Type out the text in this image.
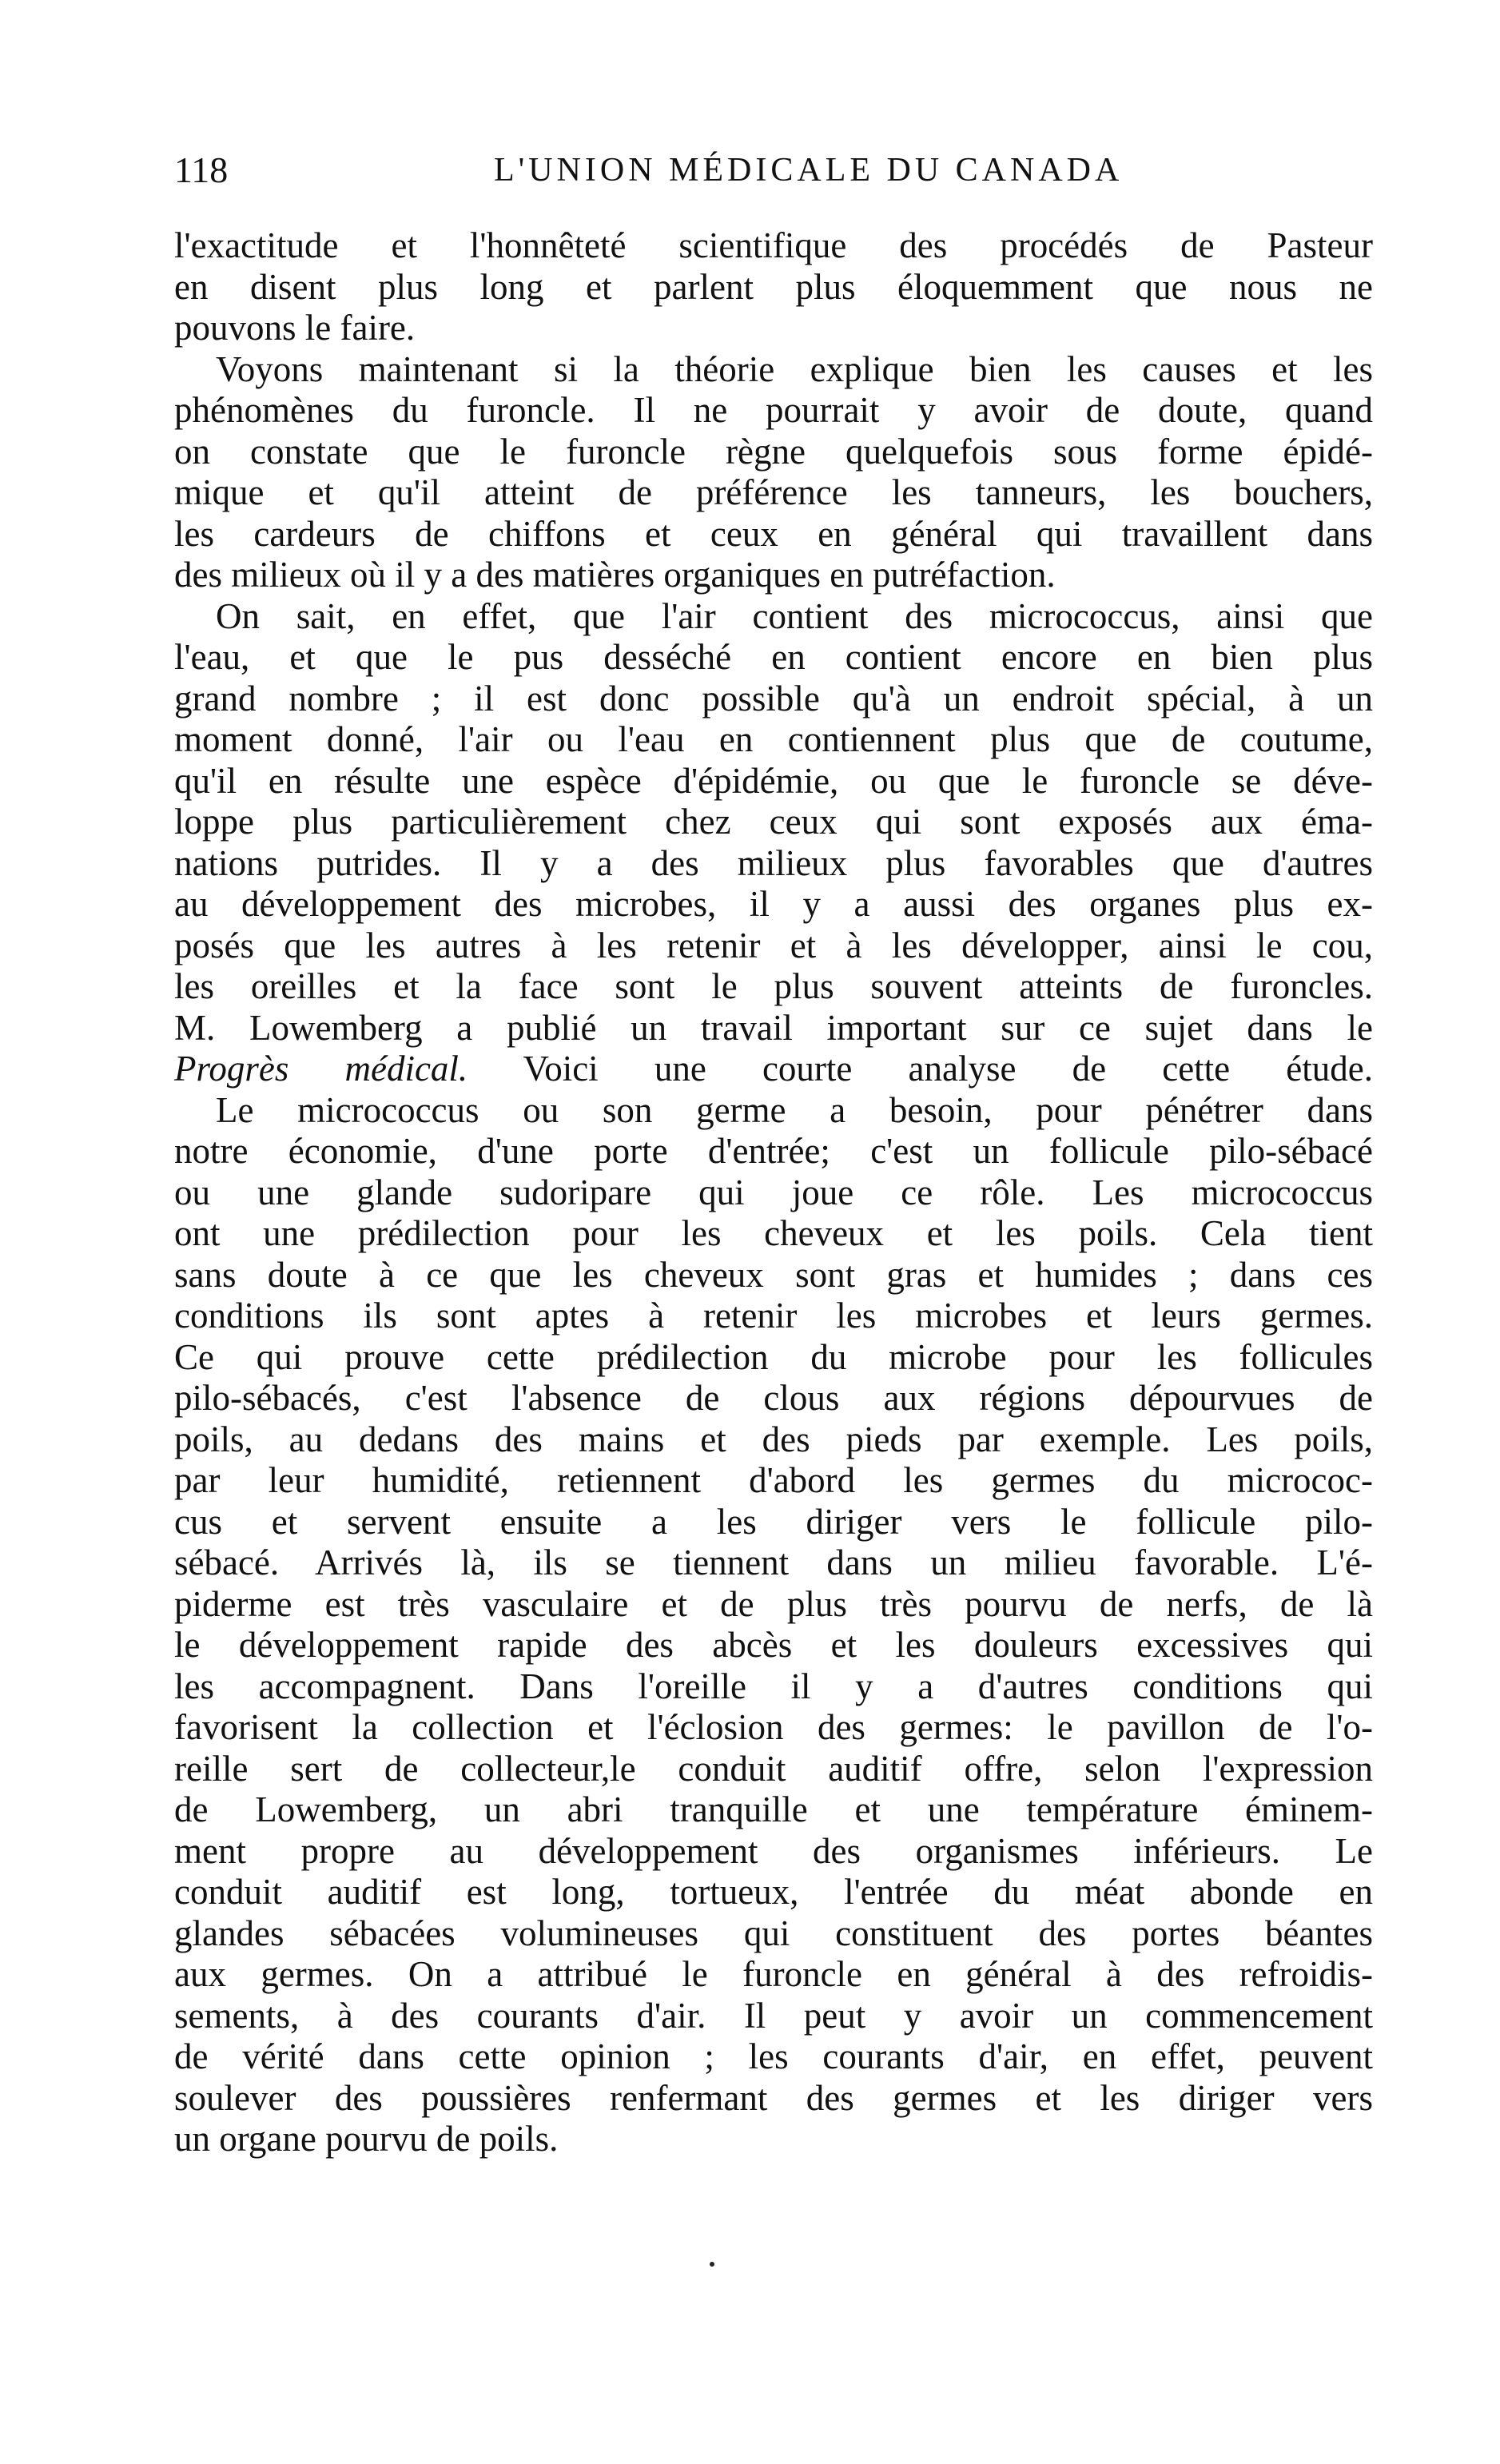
118	L'UNION MÉDICALE DU CANADA
l'exactitude et l'honnêteté scientifique des procédés de Pasteur
en disent plus long et parlent plus éloquemment que nous ne
pouvons le faire.
Voyons maintenant si la théorie explique bien les causes et les
phénomènes du furoncle. Il ne pourrait y avoir de doute, quand
on constate que le furoncle règne quelquefois sous forme épidé-
mique et qu'il atteint de préférence les tanneurs, les bouchers,
les cardeurs de chiffons et ceux en général qui travaillent dans
des milieux où il y a des matières organiques en putréfaction.
On sait, en effet, que l'air contient des micrococcus, ainsi que
l'eau, et que le pus desséché en contient encore en bien plus
grand nombre ; il est donc possible qu'à un endroit spécial, à un
moment donné, l'air ou l'eau en contiennent plus que de coutume,
qu'il en résulte une espèce d'épidémie, ou que le furoncle se déve-
loppe plus particulièrement chez ceux qui sont exposés aux éma-
nations putrides. Il y a des milieux plus favorables que d'autres
au développement des microbes, il y a aussi des organes plus ex-
posés que les autres à les retenir et à les développer, ainsi le cou,
les oreilles et la face sont le plus souvent atteints de furoncles.
M. Lowemberg a publié un travail important sur ce sujet dans le
Progrès médical. Voici une courte analyse de cette étude.
Le micrococcus ou son germe a besoin, pour pénétrer dans
notre économie, d'une porte d'entrée; c'est un follicule pilo-sébacé
ou une glande sudoripare qui joue ce rôle. Les micrococcus
ont une prédilection pour les cheveux et les poils. Cela tient
sans doute à ce que les cheveux sont gras et humides ; dans ces
conditions ils sont aptes à retenir les microbes et leurs germes.
Ce qui prouve cette prédilection du microbe pour les follicules
pilo-sébacés, c'est l'absence de clous aux régions dépourvues de
poils, au dedans des mains et des pieds par exemple. Les poils,
par leur humidité, retiennent d'abord les germes du micrococ-
cus et servent ensuite a les diriger vers le follicule pilo-
sébacé. Arrivés là, ils se tiennent dans un milieu favorable. L'é-
piderme est très vasculaire et de plus très pourvu de nerfs, de là
le développement rapide des abcès et les douleurs excessives qui
les accompagnent. Dans l'oreille il y a d'autres conditions qui
favorisent la collection et l'éclosion des germes: le pavillon de l'o-
reille sert de collecteur,le conduit auditif offre, selon l'expression
de Lowemberg, un abri tranquille et une température éminem-
ment propre au développement des organismes inférieurs. Le
conduit auditif est long, tortueux, l'entrée du méat abonde en
glandes sébacées volumineuses qui constituent des portes béantes
aux germes. On a attribué le furoncle en général à des refroidis-
sements, à des courants d'air. Il peut y avoir un commencement
de vérité dans cette opinion ; les courants d'air, en effet, peuvent
soulever des poussières renfermant des germes et les diriger vers
un organe pourvu de poils.
